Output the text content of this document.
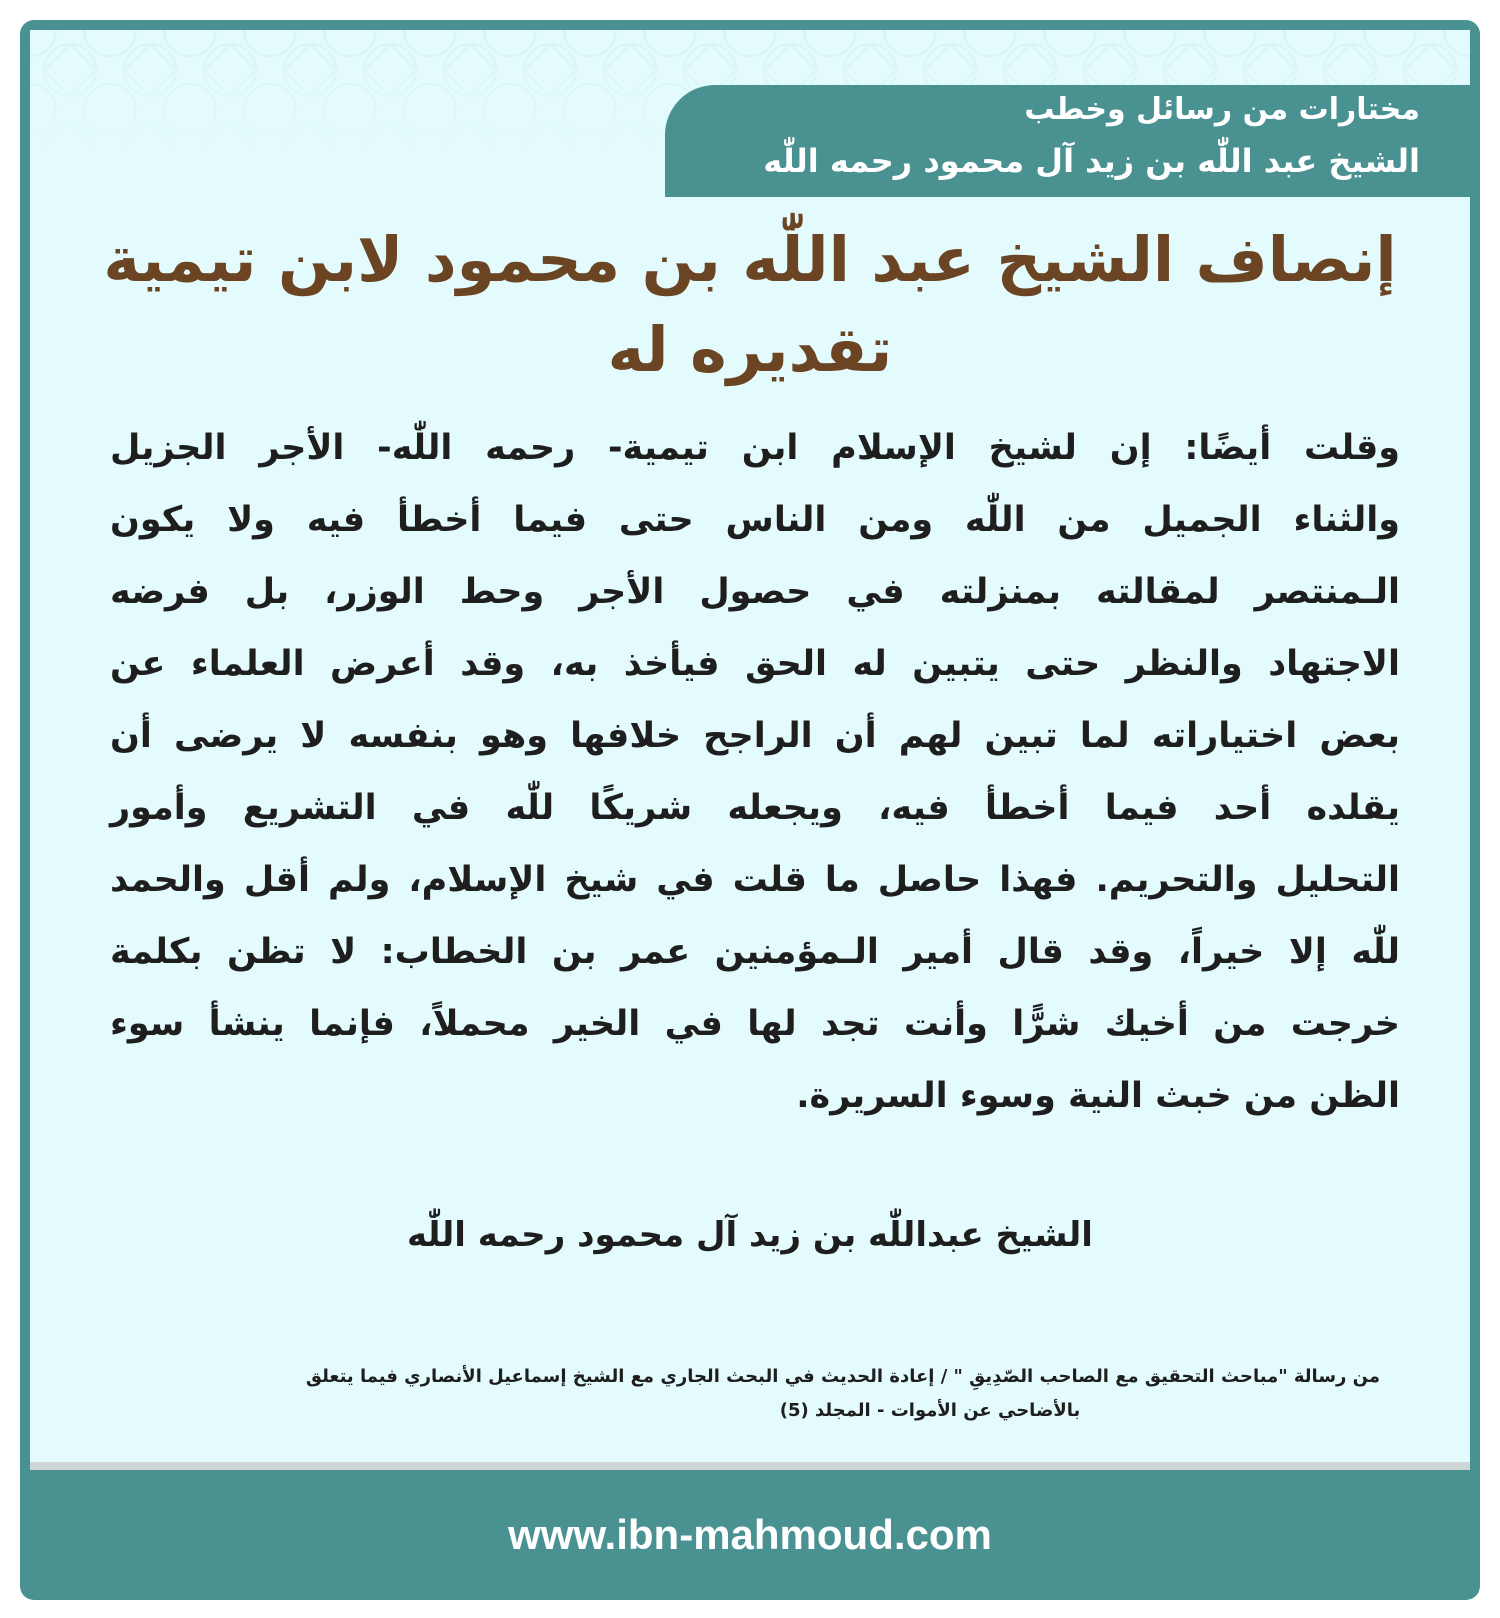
مختارات من رسائل وخطب
الشيخ عبد اللّٰه بن زيد آل محمود رحمه اللّٰه
إنصاف الشيخ عبد اللّٰه بن محمود لابن تيمية
تقديره له
وقلت أيضًا: إن لشيخ الإسلام ابن تيمية- رحمه اللّٰه- الأجر الجزيل
والثناء الجميل من اللّٰه ومن الناس حتى فيما أخطأ فيه ولا يكون
الـمنتصر لمقالته بمنزلته في حصول الأجر وحط الوزر، بل فرضه
الاجتهاد والنظر حتى يتبين له الحق فيأخذ به، وقد أعرض العلماء عن
بعض اختياراته لما تبين لهم أن الراجح خلافها وهو بنفسه لا يرضى أن
يقلده أحد فيما أخطأ فيه، ويجعله شريكًا للّٰه في التشريع وأمور
التحليل والتحريم. فهذا حاصل ما قلت في شيخ الإسلام، ولم أقل والحمد
للّٰه إلا خيراً، وقد قال أمير الـمؤمنين عمر بن الخطاب: لا تظن بكلمة
خرجت من أخيك شرًّا وأنت تجد لها في الخير محملاً، فإنما ينشأ سوء
الظن من خبث النية وسوء السريرة.
الشيخ عبداللّٰه بن زيد آل محمود رحمه اللّٰه
من رسالة "مباحث التحقيق مع الصاحب الصّدِيقِ " / إعادة الحديث في البحث الجاري مع الشيخ إسماعيل الأنصاري فيما يتعلق
بالأضاحي عن الأموات - المجلد (5)
www.ibn-mahmoud.com
